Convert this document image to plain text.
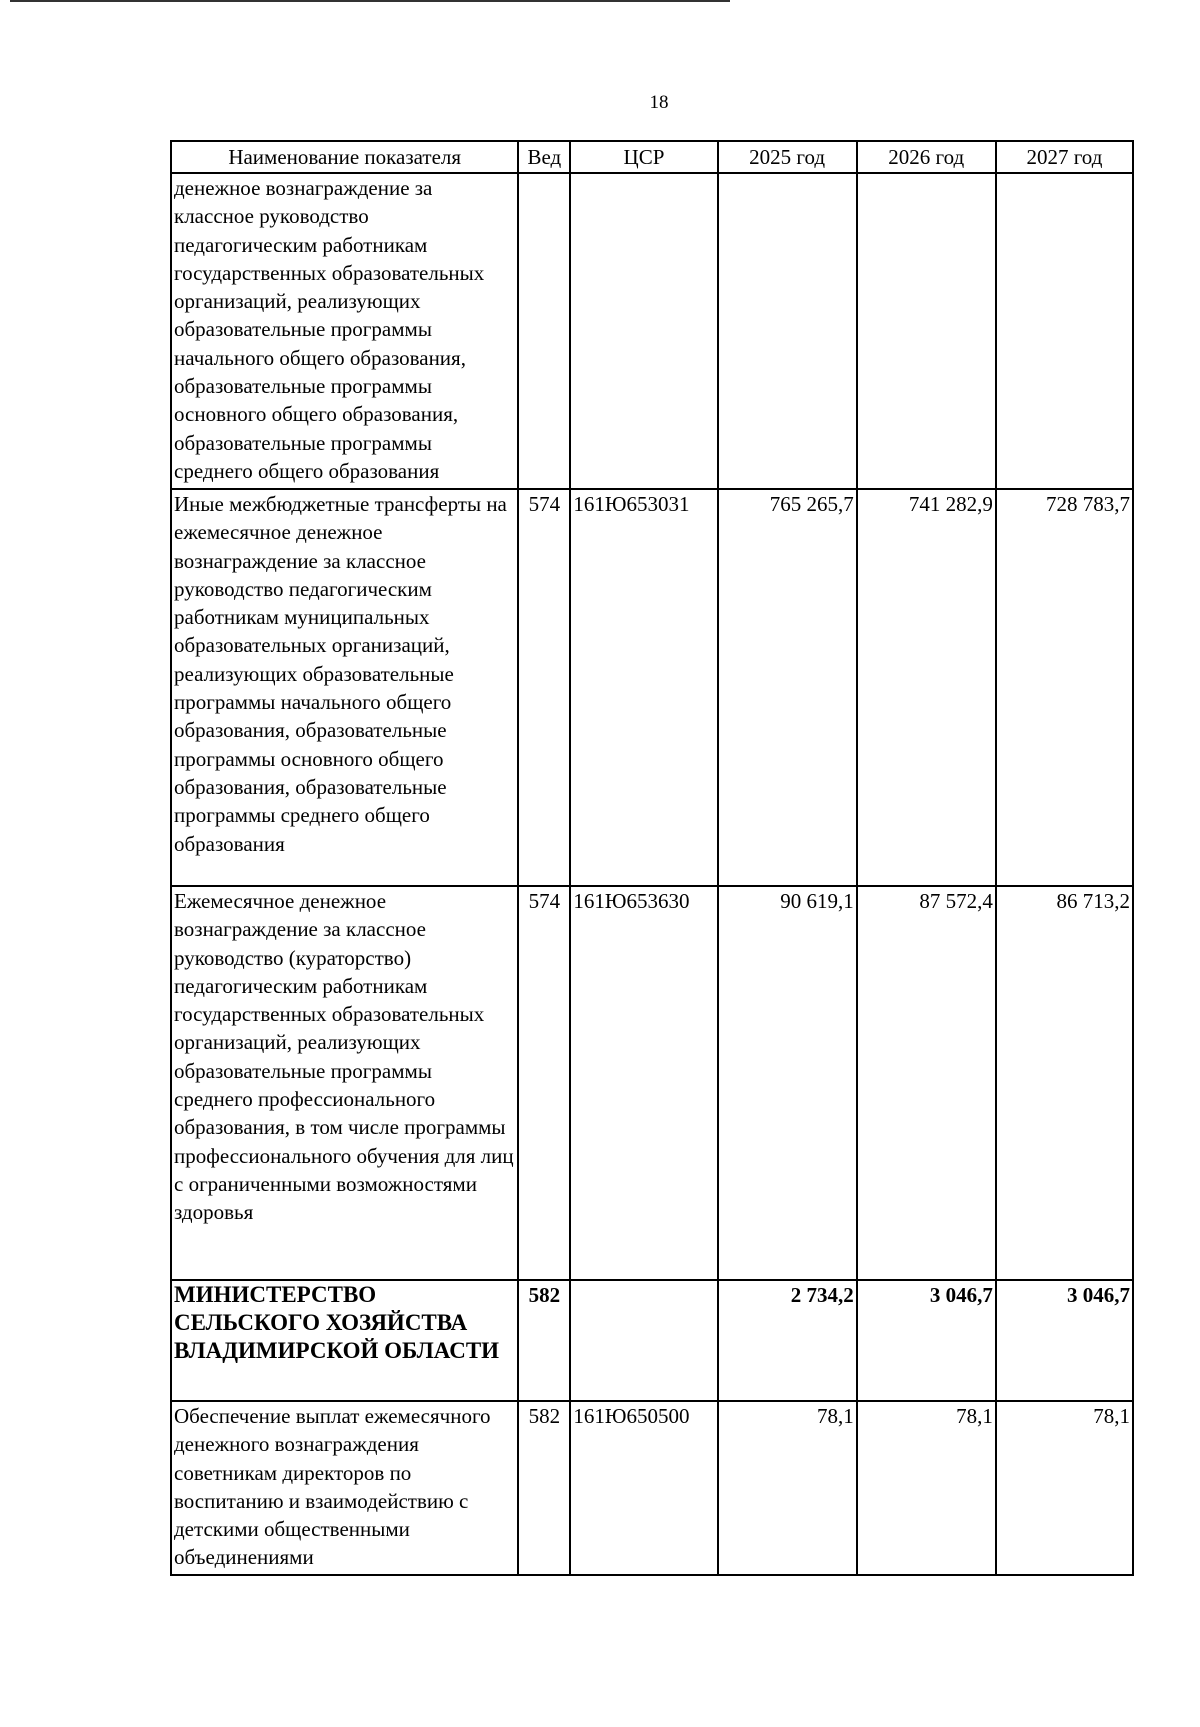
18
Наименование показателя	Вед	ЦСР	2025 год	2026 год	2027 год
денежное вознаграждение за классное руководство педагогическим работникам государственных образовательных организаций, реализующих образовательные программы начального общего образования, образовательные программы основного общего образования, образовательные программы среднего общего образования					
Иные межбюджетные трансферты на ежемесячное денежное вознаграждение за классное руководство педагогическим работникам муниципальных образовательных организаций, реализующих образовательные программы начального общего образования, образовательные программы основного общего образования, образовательные программы среднего общего образования	574	161Ю653031	765 265,7	741 282,9	728 783,7
Ежемесячное денежное вознаграждение за классное руководство (кураторство) педагогическим работникам государственных образовательных организаций, реализующих образовательные программы среднего профессионального образования, в том числе программы профессионального обучения для лиц с ограниченными возможностями здоровья	574	161Ю653630	90 619,1	87 572,4	86 713,2
МИНИСТЕРСТВО СЕЛЬСКОГО ХОЗЯЙСТВА ВЛАДИМИРСКОЙ ОБЛАСТИ	582		2 734,2	3 046,7	3 046,7
Обеспечение выплат ежемесячного денежного вознаграждения советникам директоров по воспитанию и взаимодействию с детскими общественными объединениями	582	161Ю650500	78,1	78,1	78,1
